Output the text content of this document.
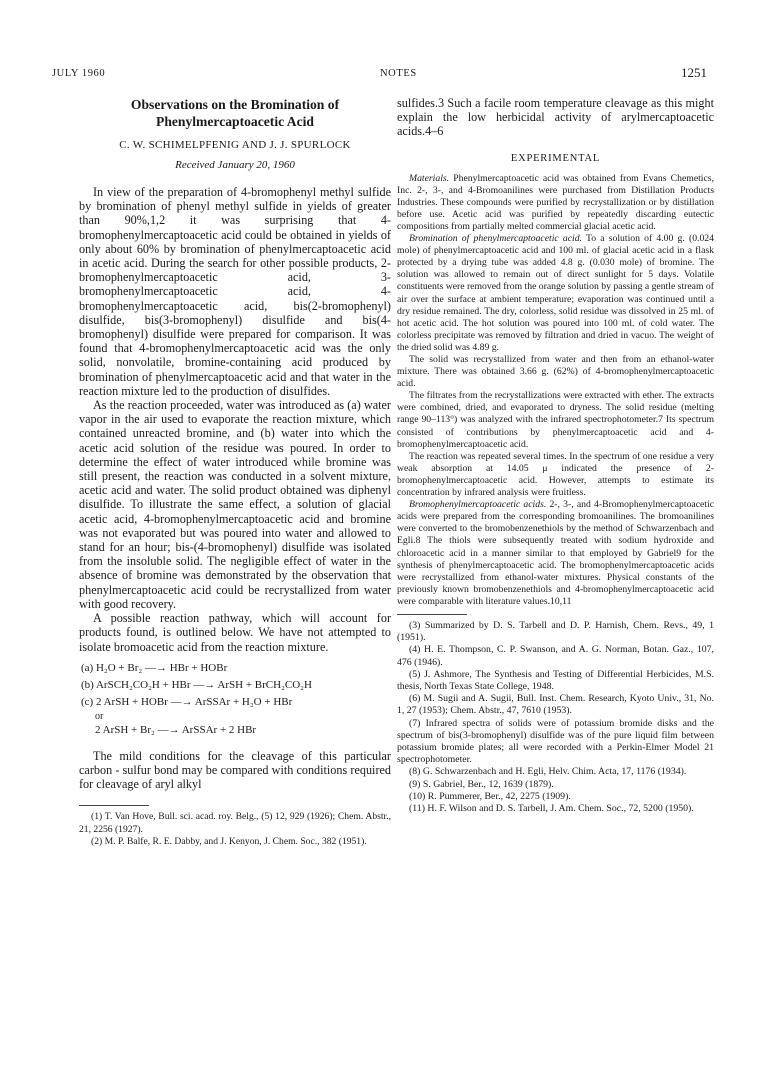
JULY 1960	NOTES	1251
Observations on the Bromination of Phenylmercaptoacetic Acid
C. W. SCHIMELPFENIG AND J. J. SPURLOCK
Received January 20, 1960

In view of the preparation of 4-bromophenyl methyl sulfide by bromination of phenyl methyl sulfide in yields of greater than 90%,1,2 it was surprising that 4-bromophenylmercaptoacetic acid could be obtained in yields of only about 60% by bromination of phenylmercaptoacetic acid in acetic acid. During the search for other possible products, 2-bromophenylmercaptoacetic acid, 3-bromophenylmercaptoacetic acid, 4-bromophenylmercaptoacetic acid, bis(2-bromophenyl) disulfide, bis(3-bromophenyl) disulfide and bis(4-bromophenyl) disulfide were prepared for comparison. It was found that 4-bromophenylmercaptoacetic acid was the only solid, nonvolatile, bromine-containing acid produced by bromination of phenylmercaptoacetic acid and that water in the reaction mixture led to the production of disulfides.

As the reaction proceeded, water was introduced as (a) water vapor in the air used to evaporate the reaction mixture, which contained unreacted bromine, and (b) water into which the acetic acid solution of the residue was poured. In order to determine the effect of water introduced while bromine was still present, the reaction was conducted in a solvent mixture, acetic acid and water. The solid product obtained was diphenyl disulfide. To illustrate the same effect, a solution of glacial acetic acid, 4-bromophenylmercaptoacetic acid and bromine was not evaporated but was poured into water and allowed to stand for an hour; bis-(4-bromophenyl) disulfide was isolated from the insoluble solid. The negligible effect of water in the absence of bromine was demonstrated by the observation that phenylmercaptoacetic acid could be recrystallized from water with good recovery.

A possible reaction pathway, which will account for products found, is outlined below. We have not attempted to isolate bromoacetic acid from the reaction mixture.

(a) H₂O + Br₂ —→ HBr + HOBr
(b) ArSCH₂CO₂H + HBr —→ ArSH + BrCH₂CO₂H
(c) 2 ArSH + HOBr —→ ArSSAr + H₂O + HBr
or
2 ArSH + Br₂ —→ ArSSAr + 2 HBr

The mild conditions for the cleavage of this particular carbon - sulfur bond may be compared with conditions required for cleavage of aryl alkyl

(1) T. Van Hove, Bull. sci. acad. roy. Belg., (5) 12, 929 (1926); Chem. Abstr., 21, 2256 (1927).

(2) M. P. Balfe, R. E. Dabby, and J. Kenyon, J. Chem. Soc., 382 (1951).

sulfides.3 Such a facile room temperature cleavage as this might explain the low herbicidal activity of arylmercaptoacetic acids.4–6

EXPERIMENTAL

Materials. Phenylmercaptoacetic acid was obtained from Evans Chemetics, Inc. 2-, 3-, and 4-Bromoanilines were purchased from Distillation Products Industries. These compounds were purified by recrystallization or by distillation before use. Acetic acid was purified by repeatedly discarding eutectic compositions from partially melted commercial glacial acetic acid.

Bromination of phenylmercaptoacetic acid. To a solution of 4.00 g. (0.024 mole) of phenylmercaptoacetic acid and 100 ml. of glacial acetic acid in a flask protected by a drying tube was added 4.8 g. (0.030 mole) of bromine. The solution was allowed to remain out of direct sunlight for 5 days. Volatile constituents were removed from the orange solution by passing a gentle stream of air over the surface at ambient temperature; evaporation was continued until a dry residue remained. The dry, colorless, solid residue was dissolved in 25 ml. of hot acetic acid. The hot solution was poured into 100 ml. of cold water. The colorless precipitate was removed by filtration and dried in vacuo. The weight of the dried solid was 4.89 g.

The solid was recrystallized from water and then from an ethanol-water mixture. There was obtained 3.66 g. (62%) of 4-bromophenylmercaptoacetic acid.

The filtrates from the recrystallizations were extracted with ether. The extracts were combined, dried, and evaporated to dryness. The solid residue (melting range 90–113°) was analyzed with the infrared spectrophotometer.7 Its spectrum consisted of contributions by phenylmercaptoacetic acid and 4-bromophenylmercaptoacetic acid.

The reaction was repeated several times. In the spectrum of one residue a very weak absorption at 14.05 μ indicated the presence of 2-bromophenylmercaptoacetic acid. However, attempts to estimate its concentration by infrared analysis were fruitless.

Bromophenylmercaptoacetic acids. 2-, 3-, and 4-Bromophenylmercaptoacetic acids were prepared from the corresponding bromoanilines. The bromoanilines were converted to the bromobenzenethiols by the method of Schwarzenbach and Egli.8 The thiols were subsequently treated with sodium hydroxide and chloroacetic acid in a manner similar to that employed by Gabriel9 for the synthesis of phenylmercaptoacetic acid. The bromophenylmercaptoacetic acids were recrystallized from ethanol-water mixtures. Physical constants of the previously known bromobenzenethiols and 4-bromophenylmercaptoacetic acid were comparable with literature values.10,11

(3) Summarized by D. S. Tarbell and D. P. Harnish, Chem. Revs., 49, 1 (1951).

(4) H. E. Thompson, C. P. Swanson, and A. G. Norman, Botan. Gaz., 107, 476 (1946).

(5) J. Ashmore, The Synthesis and Testing of Differential Herbicides, M.S. thesis, North Texas State College, 1948.

(6) M. Sugii and A. Sugii, Bull. Inst. Chem. Research, Kyoto Univ., 31, No. 1, 27 (1953); Chem. Abstr., 47, 7610 (1953).

(7) Infrared spectra of solids were of potassium bromide disks and the spectrum of bis(3-bromophenyl) disulfide was of the pure liquid film between potassium bromide plates; all were recorded with a Perkin-Elmer Model 21 spectrophotometer.

(8) G. Schwarzenbach and H. Egli, Helv. Chim. Acta, 17, 1176 (1934).

(9) S. Gabriel, Ber., 12, 1639 (1879).

(10) R. Pummerer, Ber., 42, 2275 (1909).

(11) H. F. Wilson and D. S. Tarbell, J. Am. Chem. Soc., 72, 5200 (1950).
